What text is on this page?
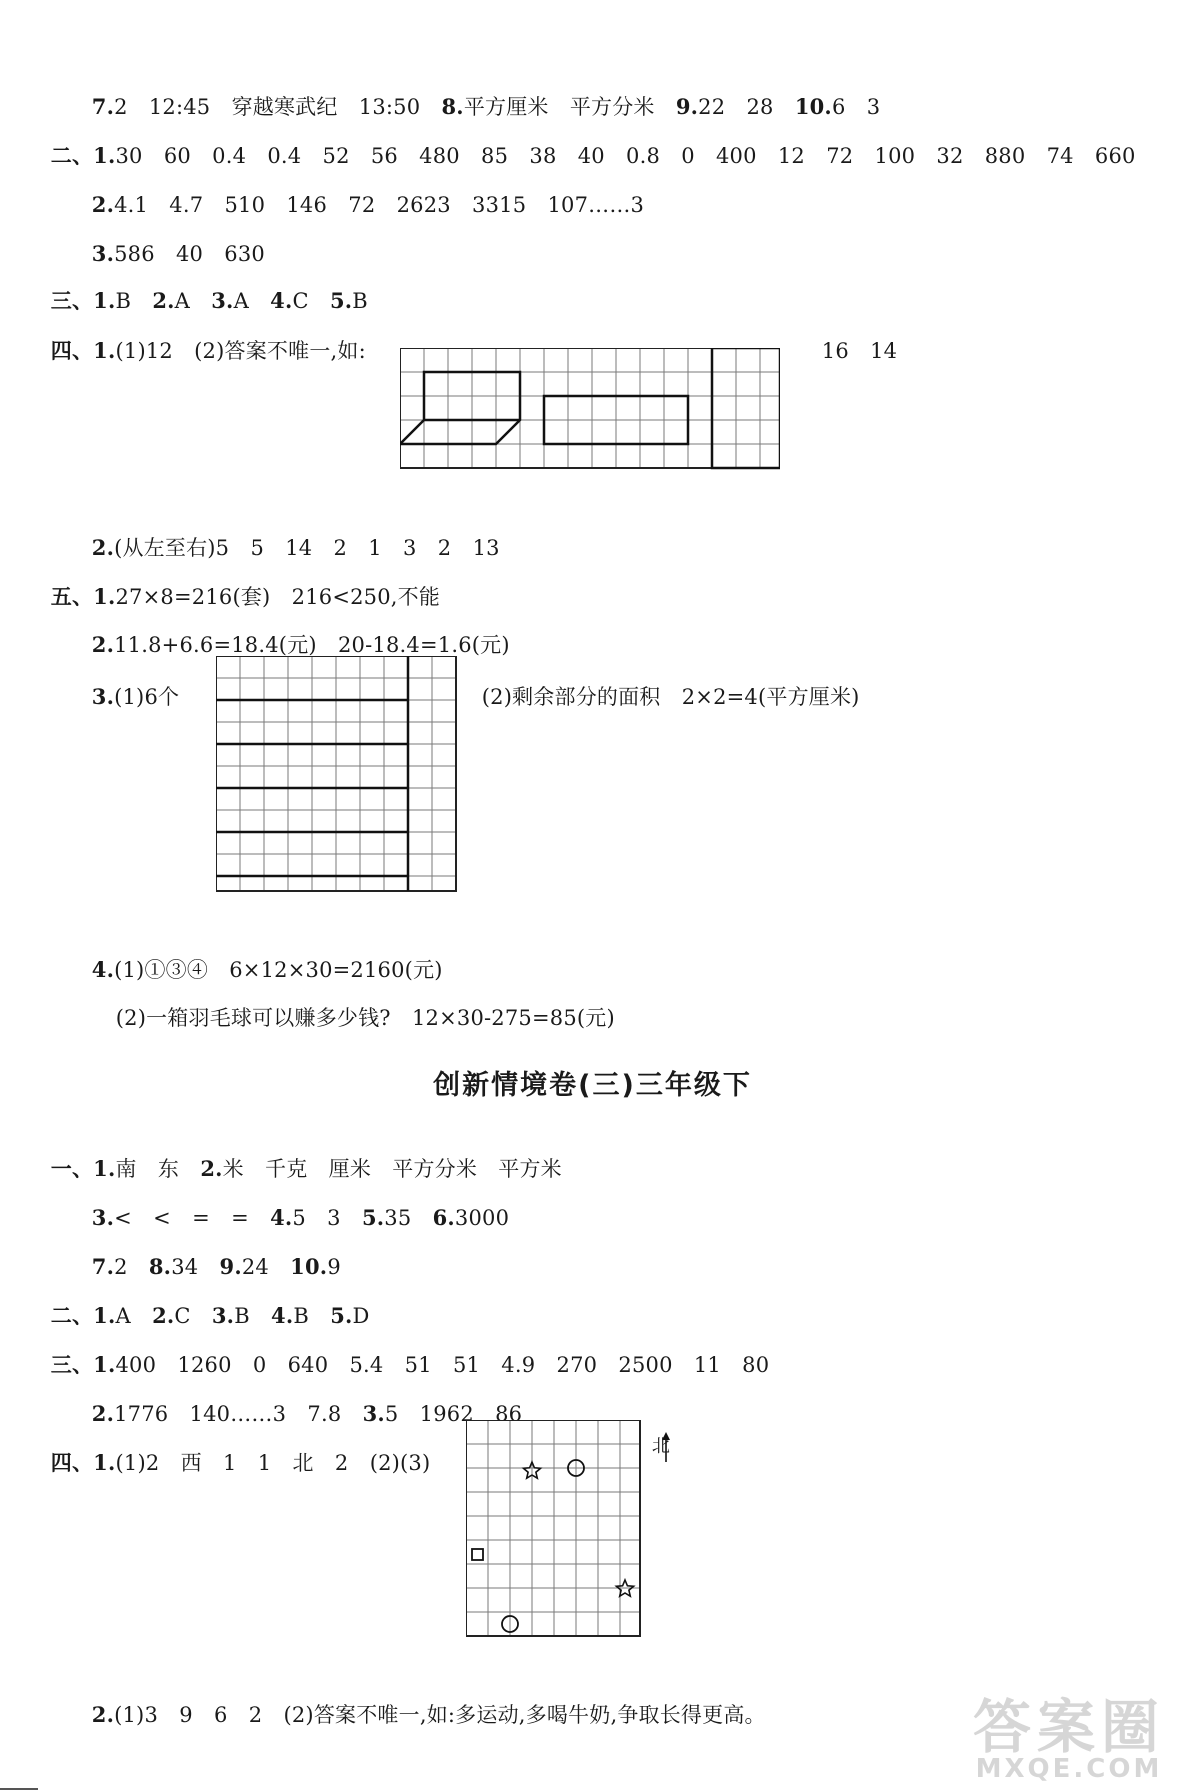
7.2　12:45　穿越寒武纪　13:50　8.平方厘米　平方分米　9.22　28　10.6　3

二、1.30　60　0.4　0.4　52　56　480　85　38　40　0.8　0　400　12　72　100　32　880　74　660

2.4.1　4.7　510　146　72　2623　3315　107……3

3.586　40　630

三、1.B　2.A　3.A　4.C　5.B

四、1.(1)12　(2)答案不唯一,如:	16　14

2.(从左至右)5　5　14　2　1　3　2　13

五、1.27×8=216(套)　216<250,不能

2.11.8+6.6=18.4(元)　20-18.4=1.6(元)

3.(1)6个	(2)剩余部分的面积　2×2=4(平方厘米)

4.(1)①③④　6×12×30=2160(元)

(2)一箱羽毛球可以赚多少钱?　12×30-275=85(元)

创新情境卷(三)三年级下

一、1.南　东　2.米　千克　厘米　平方分米　平方米

3.<　<　=　=　4.5　3　5.35　6.3000

7.2　8.34　9.24　10.9

二、1.A　2.C　3.B　4.B　5.D

三、1.400　1260　0　640　5.4　51　51　4.9　270　2500　11　80

2.1776　140……3　7.8　3.5　1962　86

四、1.(1)2　西　1　1　北　2　(2)(3)

北

2.(1)3　9　6　2　(2)答案不唯一,如:多运动,多喝牛奶,争取长得更高。	答案圈
MXQE.COM
